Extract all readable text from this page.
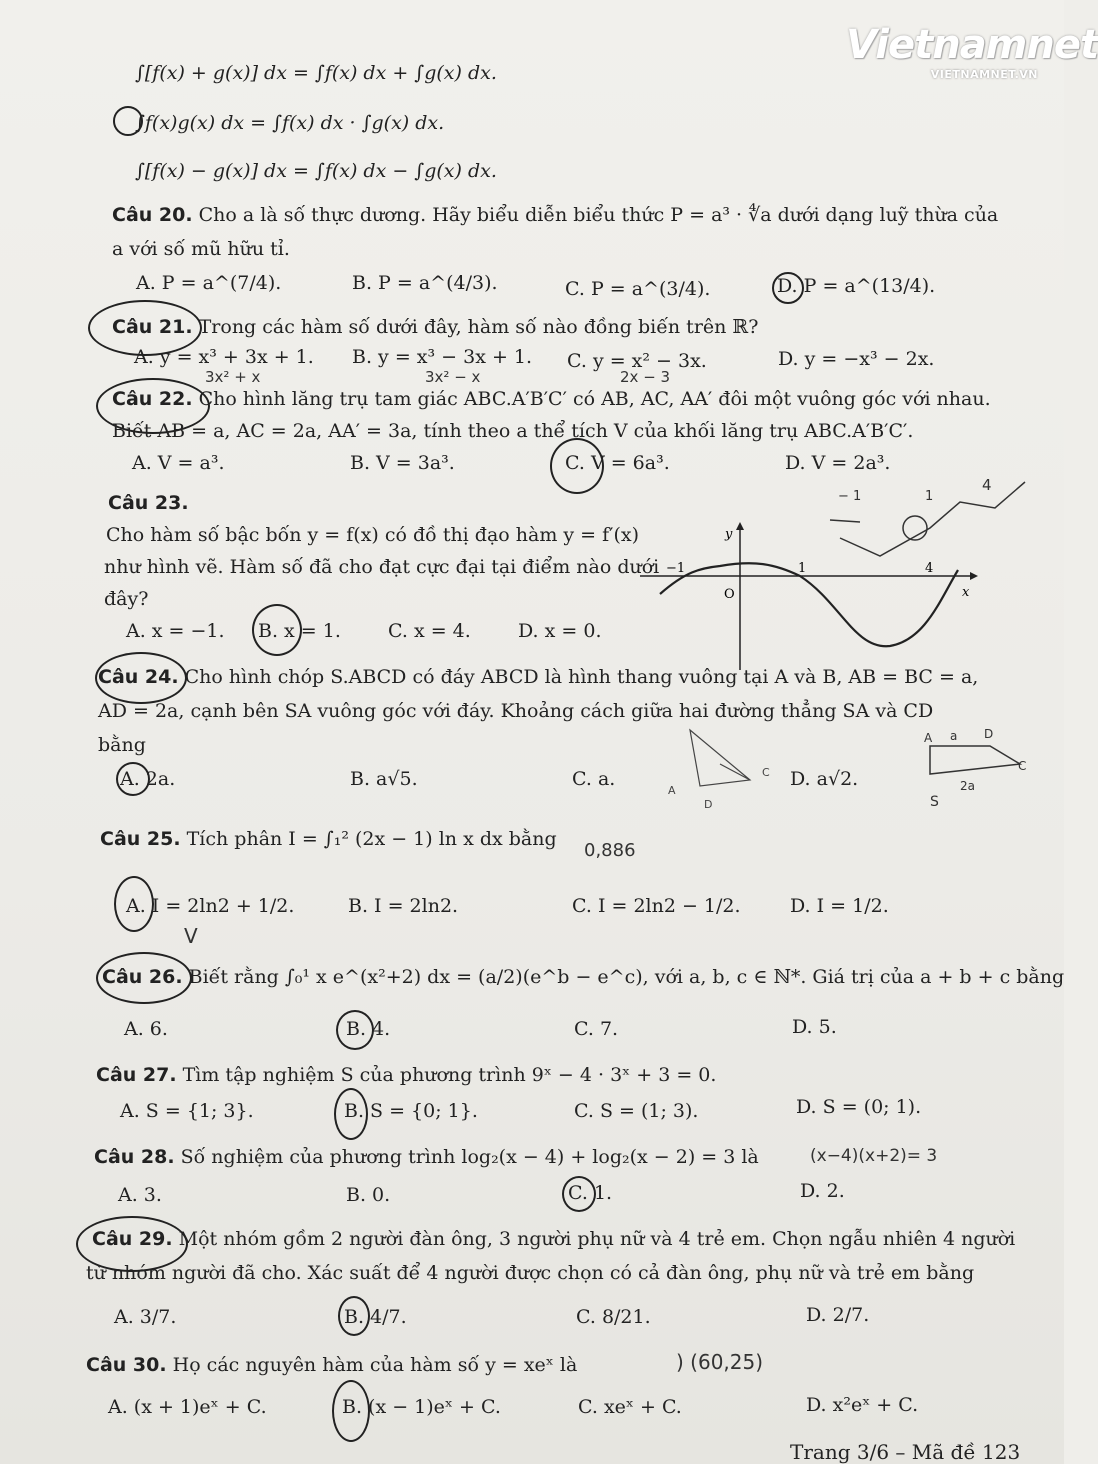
Vietnamnet
VIETNAMNET.VN
∫[f(x) + g(x)] dx = ∫f(x) dx + ∫g(x) dx.
∫f(x)g(x) dx = ∫f(x) dx · ∫g(x) dx.
∫[f(x) − g(x)] dx = ∫f(x) dx − ∫g(x) dx.
Câu 20. Cho a là số thực dương. Hãy biểu diễn biểu thức P = a³ · ∜a dưới dạng luỹ thừa của
a với số mũ hữu tỉ.
A. P = a^(7/4).	B. P = a^(4/3).	C. P = a^(3/4).	D. P = a^(13/4).
Câu 21. Trong các hàm số dưới đây, hàm số nào đồng biến trên ℝ?
A. y = x³ + 3x + 1. B. y = x³ − 3x + 1. C. y = x² − 3x.	D. y = −x³ − 2x.
3x² + x	3x² − x	2x − 3
Câu 22. Cho hình lăng trụ tam giác ABC.A′B′C′ có AB, AC, AA′ đôi một vuông góc với nhau.
Biết AB = a, AC = 2a, AA′ = 3a, tính theo a thể tích V của khối lăng trụ ABC.A′B′C′.
A. V = a³.	B. V = 3a³.	C. V = 6a³.	D. V = 2a³.
Câu 23.
Cho hàm số bậc bốn y = f(x) có đồ thị đạo hàm y = f′(x)
như hình vẽ. Hàm số đã cho đạt cực đại tại điểm nào dưới
đây?
A. x = −1. B. x = 1. C. x = 4. D. x = 0.
y
x
O
−1	1	4
− 1	1
4
Câu 24. Cho hình chóp S.ABCD có đáy ABCD là hình thang vuông tại A và B, AB = BC = a,
AD = 2a, cạnh bên SA vuông góc với đáy. Khoảng cách giữa hai đường thẳng SA và CD
bằng
A. 2a.	B. a√5.	C. a.	D. a√2.
A
C
D
A a D
C
2a
S
Câu 25. Tích phân I = ∫₁² (2x − 1) ln x dx bằng
0,886
A. I = 2ln2 + 1/2.
V
B. I = 2ln2.	C. I = 2ln2 − 1/2.	D. I = 1/2.
Câu 26. Biết rằng ∫₀¹ x e^(x²+2) dx = (a/2)(e^b − e^c), với a, b, c ∈ ℕ*. Giá trị của a + b + c bằng
A. 6.	B. 4.	C. 7.	D. 5.
Câu 27. Tìm tập nghiệm S của phương trình 9ˣ − 4 · 3ˣ + 3 = 0.
A. S = {1; 3}.	B. S = {0; 1}.	C. S = (1; 3).	D. S = (0; 1).
Câu 28. Số nghiệm của phương trình log₂(x − 4) + log₂(x − 2) = 3 là	(x−4)(x+2)= 3
A. 3.	B. 0.	C. 1.	D. 2.
Câu 29. Một nhóm gồm 2 người đàn ông, 3 người phụ nữ và 4 trẻ em. Chọn ngẫu nhiên 4 người
từ nhóm người đã cho. Xác suất để 4 người được chọn có cả đàn ông, phụ nữ và trẻ em bằng
A. 3/7.	B. 4/7.	C. 8/21.	D. 2/7.
Câu 30. Họ các nguyên hàm của hàm số y = xeˣ là	) (60,25)
A. (x + 1)eˣ + C.	B. (x − 1)eˣ + C.	C. xeˣ + C.	D. x²eˣ + C.
Trang 3/6 – Mã đề 123
